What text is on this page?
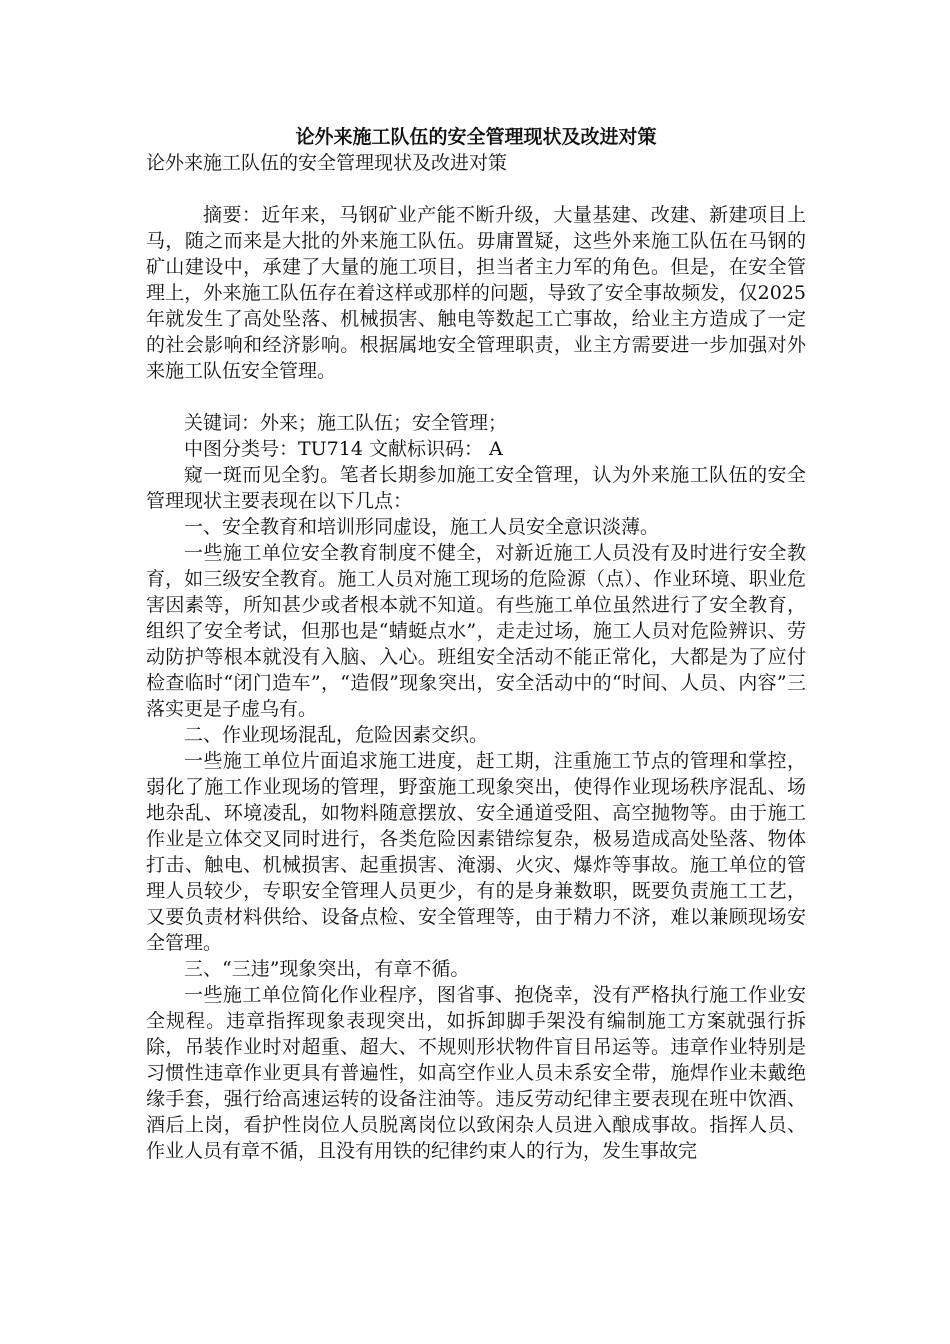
论外来施工队伍的安全管理现状及改进对策

论外来施工队伍的安全管理现状及改进对策

摘要：近年来，马钢矿业产能不断升级，大量基建、改建、新建项目上马，随之而来是大批的外来施工队伍。毋庸置疑，这些外来施工队伍在马钢的矿山建设中，承建了大量的施工项目，担当者主力军的角色。但是，在安全管理上，外来施工队伍存在着这样或那样的问题，导致了安全事故频发，仅2025年就发生了高处坠落、机械损害、触电等数起工亡事故，给业主方造成了一定的社会影响和经济影响。根据属地安全管理职责，业主方需要进一步加强对外来施工队伍安全管理。

关键词：外来；施工队伍；安全管理；

中图分类号：TU714 文献标识码： A

窥一斑而见全豹。笔者长期参加施工安全管理，认为外来施工队伍的安全管理现状主要表现在以下几点：

一、安全教育和培训形同虚设，施工人员安全意识淡薄。

一些施工单位安全教育制度不健全，对新近施工人员没有及时进行安全教育，如三级安全教育。施工人员对施工现场的危险源（点）、作业环境、职业危害因素等，所知甚少或者根本就不知道。有些施工单位虽然进行了安全教育，组织了安全考试，但那也是“蜻蜓点水”，走走过场，施工人员对危险辨识、劳动防护等根本就没有入脑、入心。班组安全活动不能正常化，大都是为了应付检查临时“闭门造车”，“造假”现象突出，安全活动中的“时间、人员、内容”三落实更是子虚乌有。

二、作业现场混乱，危险因素交织。

一些施工单位片面追求施工进度，赶工期，注重施工节点的管理和掌控，弱化了施工作业现场的管理，野蛮施工现象突出，使得作业现场秩序混乱、场地杂乱、环境凌乱，如物料随意摆放、安全通道受阻、高空抛物等。由于施工作业是立体交叉同时进行，各类危险因素错综复杂，极易造成高处坠落、物体打击、触电、机械损害、起重损害、淹溺、火灾、爆炸等事故。施工单位的管理人员较少，专职安全管理人员更少，有的是身兼数职，既要负责施工工艺，又要负责材料供给、设备点检、安全管理等，由于精力不济，难以兼顾现场安全管理。

三、“三违”现象突出，有章不循。

一些施工单位简化作业程序，图省事、抱侥幸，没有严格执行施工作业安全规程。违章指挥现象表现突出，如拆卸脚手架没有编制施工方案就强行拆除，吊装作业时对超重、超大、不规则形状物件盲目吊运等。违章作业特别是习惯性违章作业更具有普遍性，如高空作业人员未系安全带，施焊作业未戴绝缘手套，强行给高速运转的设备注油等。违反劳动纪律主要表现在班中饮酒、酒后上岗，看护性岗位人员脱离岗位以致闲杂人员进入酿成事故。指挥人员、作业人员有章不循，且没有用铁的纪律约束人的行为，发生事故完
